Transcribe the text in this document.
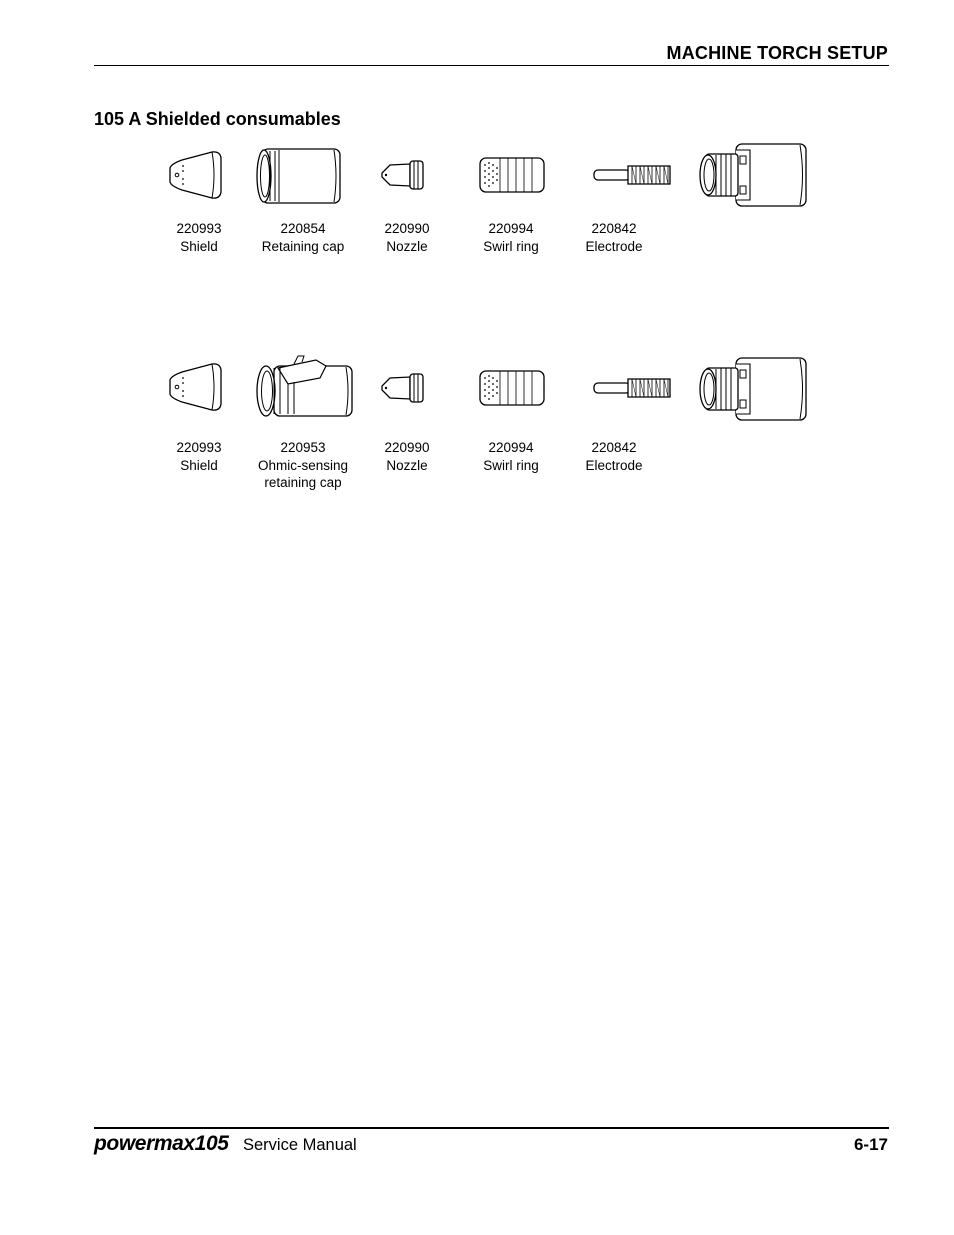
MACHINE TORCH SETUP
105 A Shielded consumables
220993
Shield
220854
Retaining cap
220990
Nozzle
220994
Swirl ring
220842
Electrode
220993
Shield
220953
Ohmic-sensing
retaining cap
220990
Nozzle
220994
Swirl ring
220842
Electrode
powermax105 Service Manual	6-17
